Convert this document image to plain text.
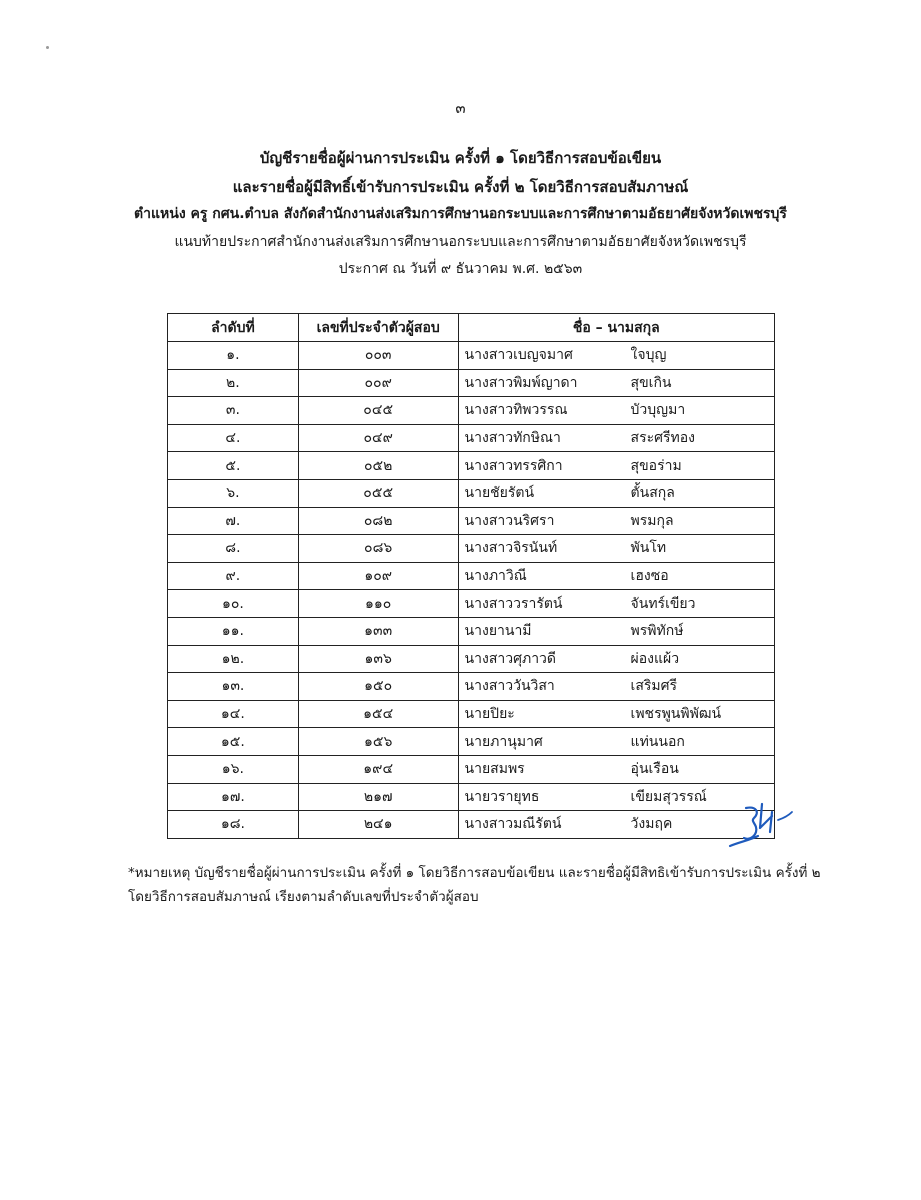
๓
บัญชีรายชื่อผู้ผ่านการประเมิน ครั้งที่ ๑ โดยวิธีการสอบข้อเขียน
และรายชื่อผู้มีสิทธิ์เข้ารับการประเมิน ครั้งที่ ๒ โดยวิธีการสอบสัมภาษณ์
ตำแหน่ง ครู กศน.ตำบล สังกัดสำนักงานส่งเสริมการศึกษานอกระบบและการศึกษาตามอัธยาศัยจังหวัดเพชรบุรี
แนบท้ายประกาศสำนักงานส่งเสริมการศึกษานอกระบบและการศึกษาตามอัธยาศัยจังหวัดเพชรบุรี
ประกาศ ณ วันที่ ๙ ธันวาคม พ.ศ. ๒๕๖๓
ลำดับที่	เลขที่ประจำตัวผู้สอบ	ชื่อ – นามสกุล
๑.	๐๐๓	นางสาวเบญจมาศ ใจบุญ

๒.	๐๐๙	นางสาวพิมพ์ญาดา สุขเกิน

๓.	๐๔๕	นางสาวทิพวรรณ บัวบุญมา

๔.	๐๔๙	นางสาวทักษิณา สระศรีทอง

๕.	๐๕๒	นางสาวทรรศิกา สุขอร่าม

๖.	๐๕๕	นายชัยรัตน์ ตั้นสกุล

๗.	๐๘๒	นางสาวนริศรา พรมกุล

๘.	๐๘๖	นางสาวจิรนันท์ พันโท

๙.	๑๐๙	นางภาวิณี เฮงซอ

๑๐.	๑๑๐	นางสาววรารัตน์ จันทร์เขียว

๑๑.	๑๓๓	นางยานามี พรพิทักษ์

๑๒.	๑๓๖	นางสาวศุภาวดี ผ่องแผ้ว

๑๓.	๑๕๐	นางสาววันวิสา เสริมศรี

๑๔.	๑๕๔	นายปิยะ เพชรพูนพิพัฒน์

๑๕.	๑๕๖	นายภานุมาศ แท่นนอก

๑๖.	๑๙๔	นายสมพร อุ่นเรือน

๑๗.	๒๑๗	นายวรายุทธ เขียมสุวรรณ์

๑๘.	๒๔๑	นางสาวมณีรัตน์ วังมฤค
*หมายเหตุ บัญชีรายชื่อผู้ผ่านการประเมิน ครั้งที่ ๑ โดยวิธีการสอบข้อเขียน และรายชื่อผู้มีสิทธิเข้ารับการประเมิน ครั้งที่ ๒
โดยวิธีการสอบสัมภาษณ์ เรียงตามลำดับเลขที่ประจำตัวผู้สอบ
